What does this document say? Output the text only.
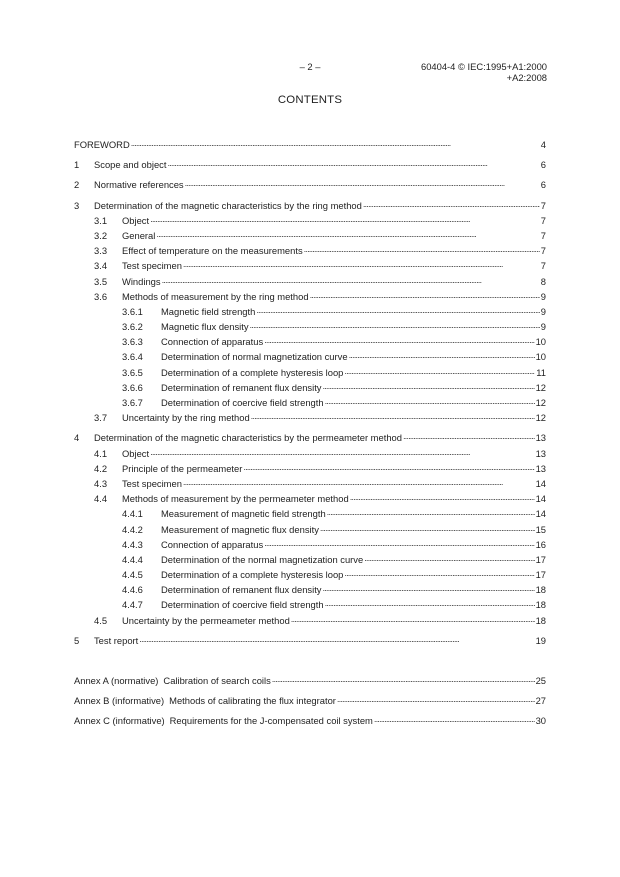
– 2 –	60404-4 © IEC:1995+A1:2000
+A2:2008
CONTENTS
FOREWORD . . .	4
1	Scope and object . . .	6
2	Normative references . . .	6
3	Determination of the magnetic characteristics by the ring method . . .	7
3.1	Object . . .	7
3.2	General . . .	7
3.3	Effect of temperature on the measurements . . .	7
3.4	Test specimen . . .	7
3.5	Windings . . .	8
3.6	Methods of measurement by the ring method . . .	9
3.6.1	Magnetic field strength . . .	9
3.6.2	Magnetic flux density . . .	9
3.6.3	Connection of apparatus . . .	10
3.6.4	Determination of normal magnetization curve . . .	10
3.6.5	Determination of a complete hysteresis loop . . .	11
3.6.6	Determination of remanent flux density . . .	12
3.6.7	Determination of coercive field strength . . .	12
3.7	Uncertainty by the ring method . . .	12
4	Determination of the magnetic characteristics by the permeameter method . . .	13
4.1	Object . . .	13
4.2	Principle of the permeameter . . .	13
4.3	Test specimen . . .	14
4.4	Methods of measurement by the permeameter method . . .	14
4.4.1	Measurement of magnetic field strength . . .	14
4.4.2	Measurement of magnetic flux density . . .	15
4.4.3	Connection of apparatus . . .	16
4.4.4	Determination of the normal magnetization curve . . .	17
4.4.5	Determination of a complete hysteresis loop . . .	17
4.4.6	Determination of remanent flux density . . .	18
4.4.7	Determination of coercive field strength . . .	18
4.5	Uncertainty by the permeameter method . . .	18
5	Test report . . .	19
Annex A (normative) Calibration of search coils . . .	25
Annex B (informative) Methods of calibrating the flux integrator . . .	27
Annex C (informative) Requirements for the J-compensated coil system . . .	30
